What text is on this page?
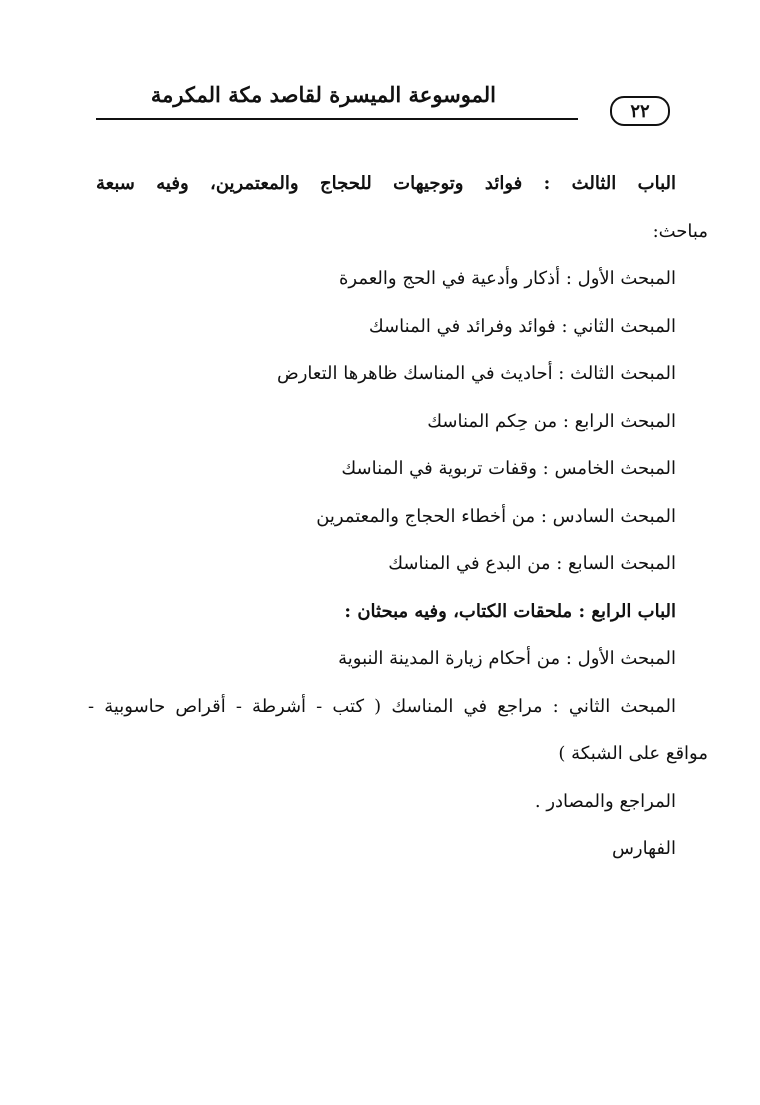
الموسوعة الميسرة لقاصد مكة المكرمة
٢٢

الباب الثالث : فوائد وتوجيهات للحجاج والمعتمرين، وفيه سبعة

مباحث:

المبحث الأول : أذكار وأدعية في الحج والعمرة

المبحث الثاني : فوائد وفرائد في المناسك

المبحث الثالث : أحاديث في المناسك ظاهرها التعارض

المبحث الرابع : من حِكم المناسك

المبحث الخامس : وقفات تربوية في المناسك

المبحث السادس : من أخطاء الحجاج والمعتمرين

المبحث السابع : من البدع في المناسك

الباب الرابع : ملحقات الكتاب، وفيه مبحثان :

المبحث الأول : من أحكام زيارة المدينة النبوية

المبحث الثاني : مراجع في المناسك ( كتب - أشرطة - أقراص حاسوبية -

مواقع على الشبكة )

المراجع والمصادر .

الفهارس
